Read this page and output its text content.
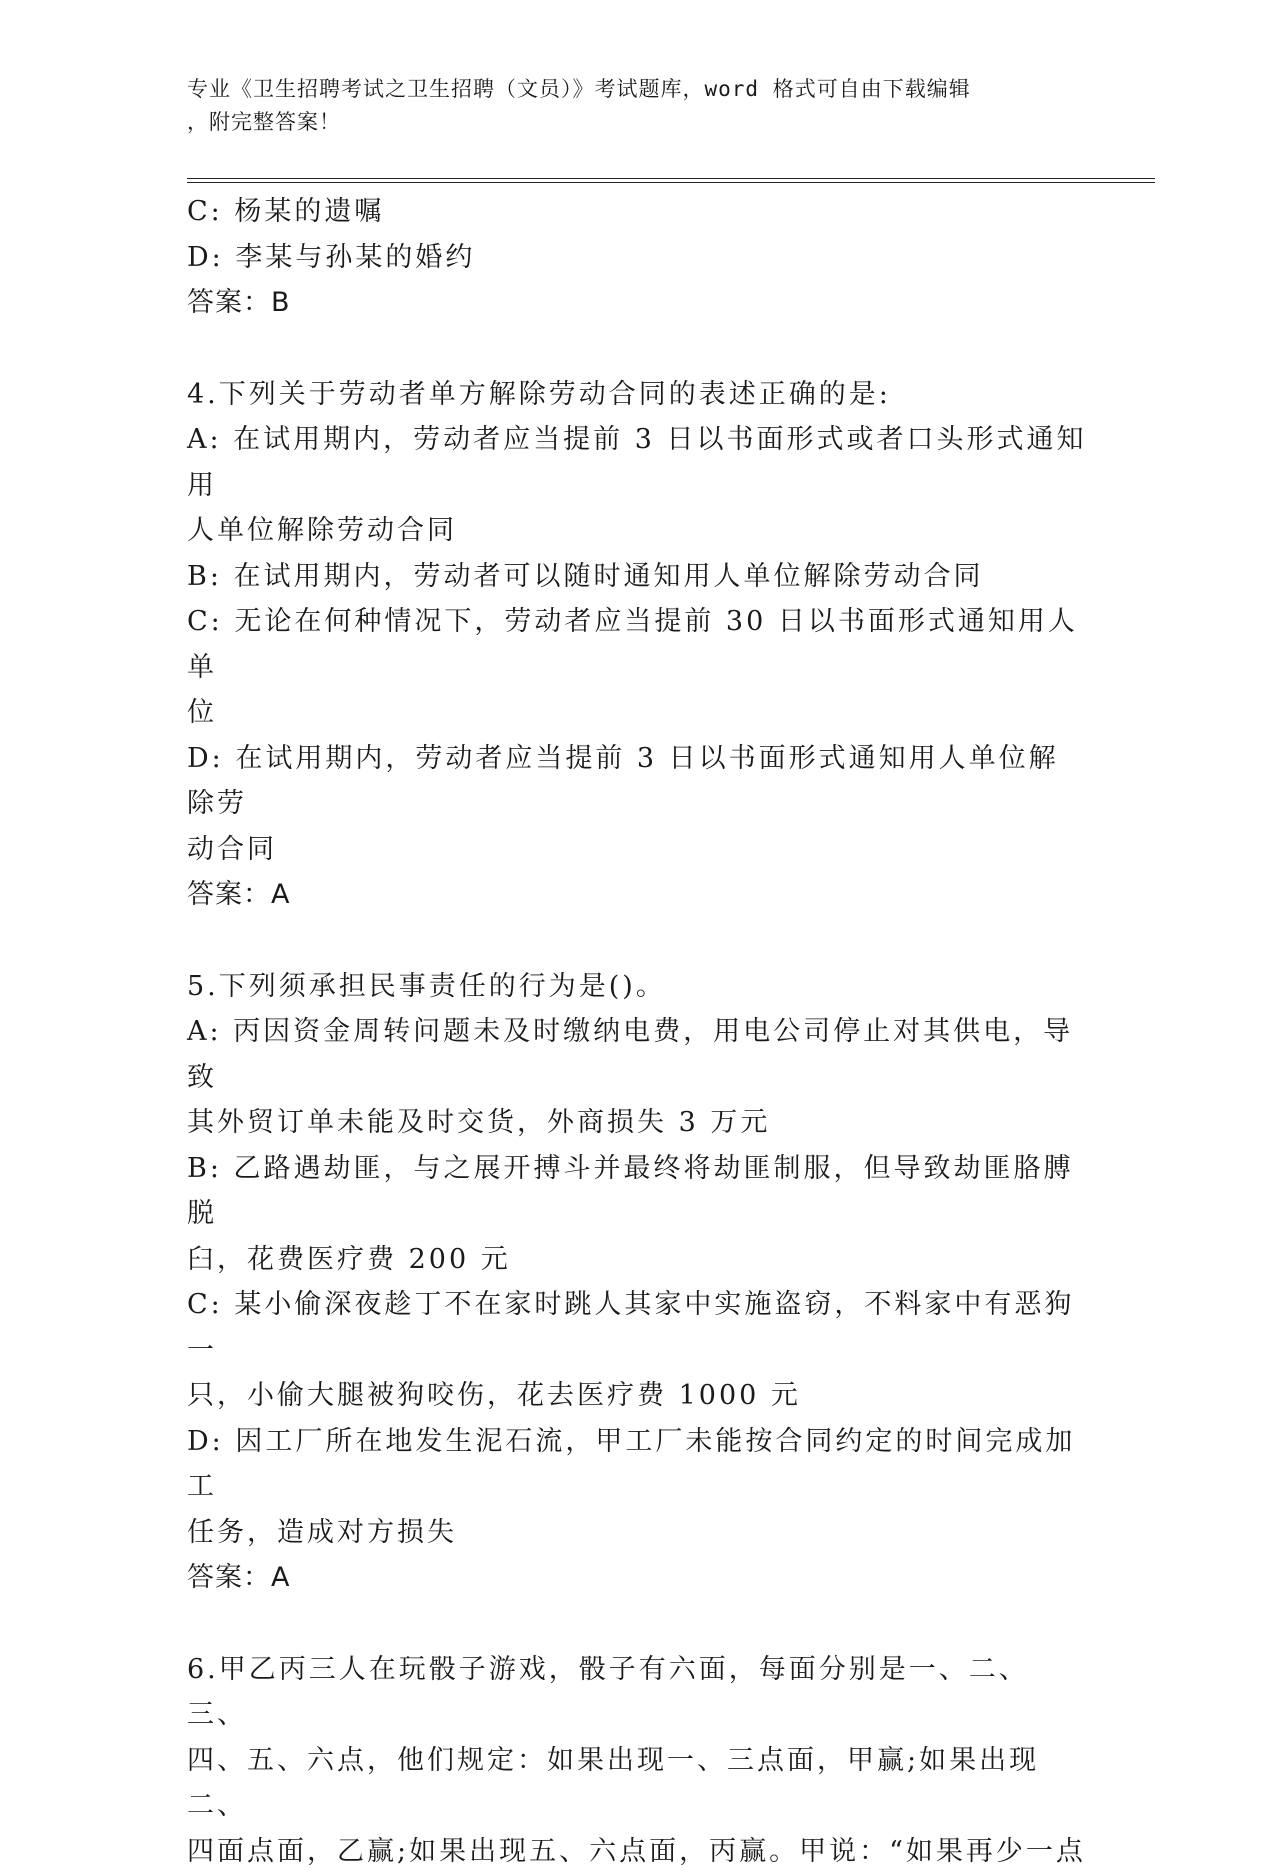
专业《卫生招聘考试之卫生招聘（文员）》考试题库，word 格式可自由下载编辑
，附完整答案！

C: 杨某的遗嘱

D: 李某与孙某的婚约

答案：B

4.下列关于劳动者单方解除劳动合同的表述正确的是:

A: 在试用期内，劳动者应当提前 3 日以书面形式或者口头形式通知用

人单位解除劳动合同

B: 在试用期内，劳动者可以随时通知用人单位解除劳动合同

C: 无论在何种情况下，劳动者应当提前 30 日以书面形式通知用人单

位

D: 在试用期内，劳动者应当提前 3 日以书面形式通知用人单位解除劳

动合同

答案：A

5.下列须承担民事责任的行为是()。

A: 丙因资金周转问题未及时缴纳电费，用电公司停止对其供电，导致

其外贸订单未能及时交货，外商损失 3 万元

B: 乙路遇劫匪，与之展开搏斗并最终将劫匪制服，但导致劫匪胳膊脱

臼，花费医疗费 200 元

C: 某小偷深夜趁丁不在家时跳人其家中实施盗窃，不料家中有恶狗一

只，小偷大腿被狗咬伤，花去医疗费 1000 元

D: 因工厂所在地发生泥石流，甲工厂未能按合同约定的时间完成加工

任务，造成对方损失

答案：A

6.甲乙丙三人在玩骰子游戏，骰子有六面，每面分别是一、二、三、

四、五、六点，他们规定：如果出现一、三点面，甲赢;如果出现二、

四面点面，乙赢;如果出现五、六点面，丙赢。甲说：“如果再少一点
